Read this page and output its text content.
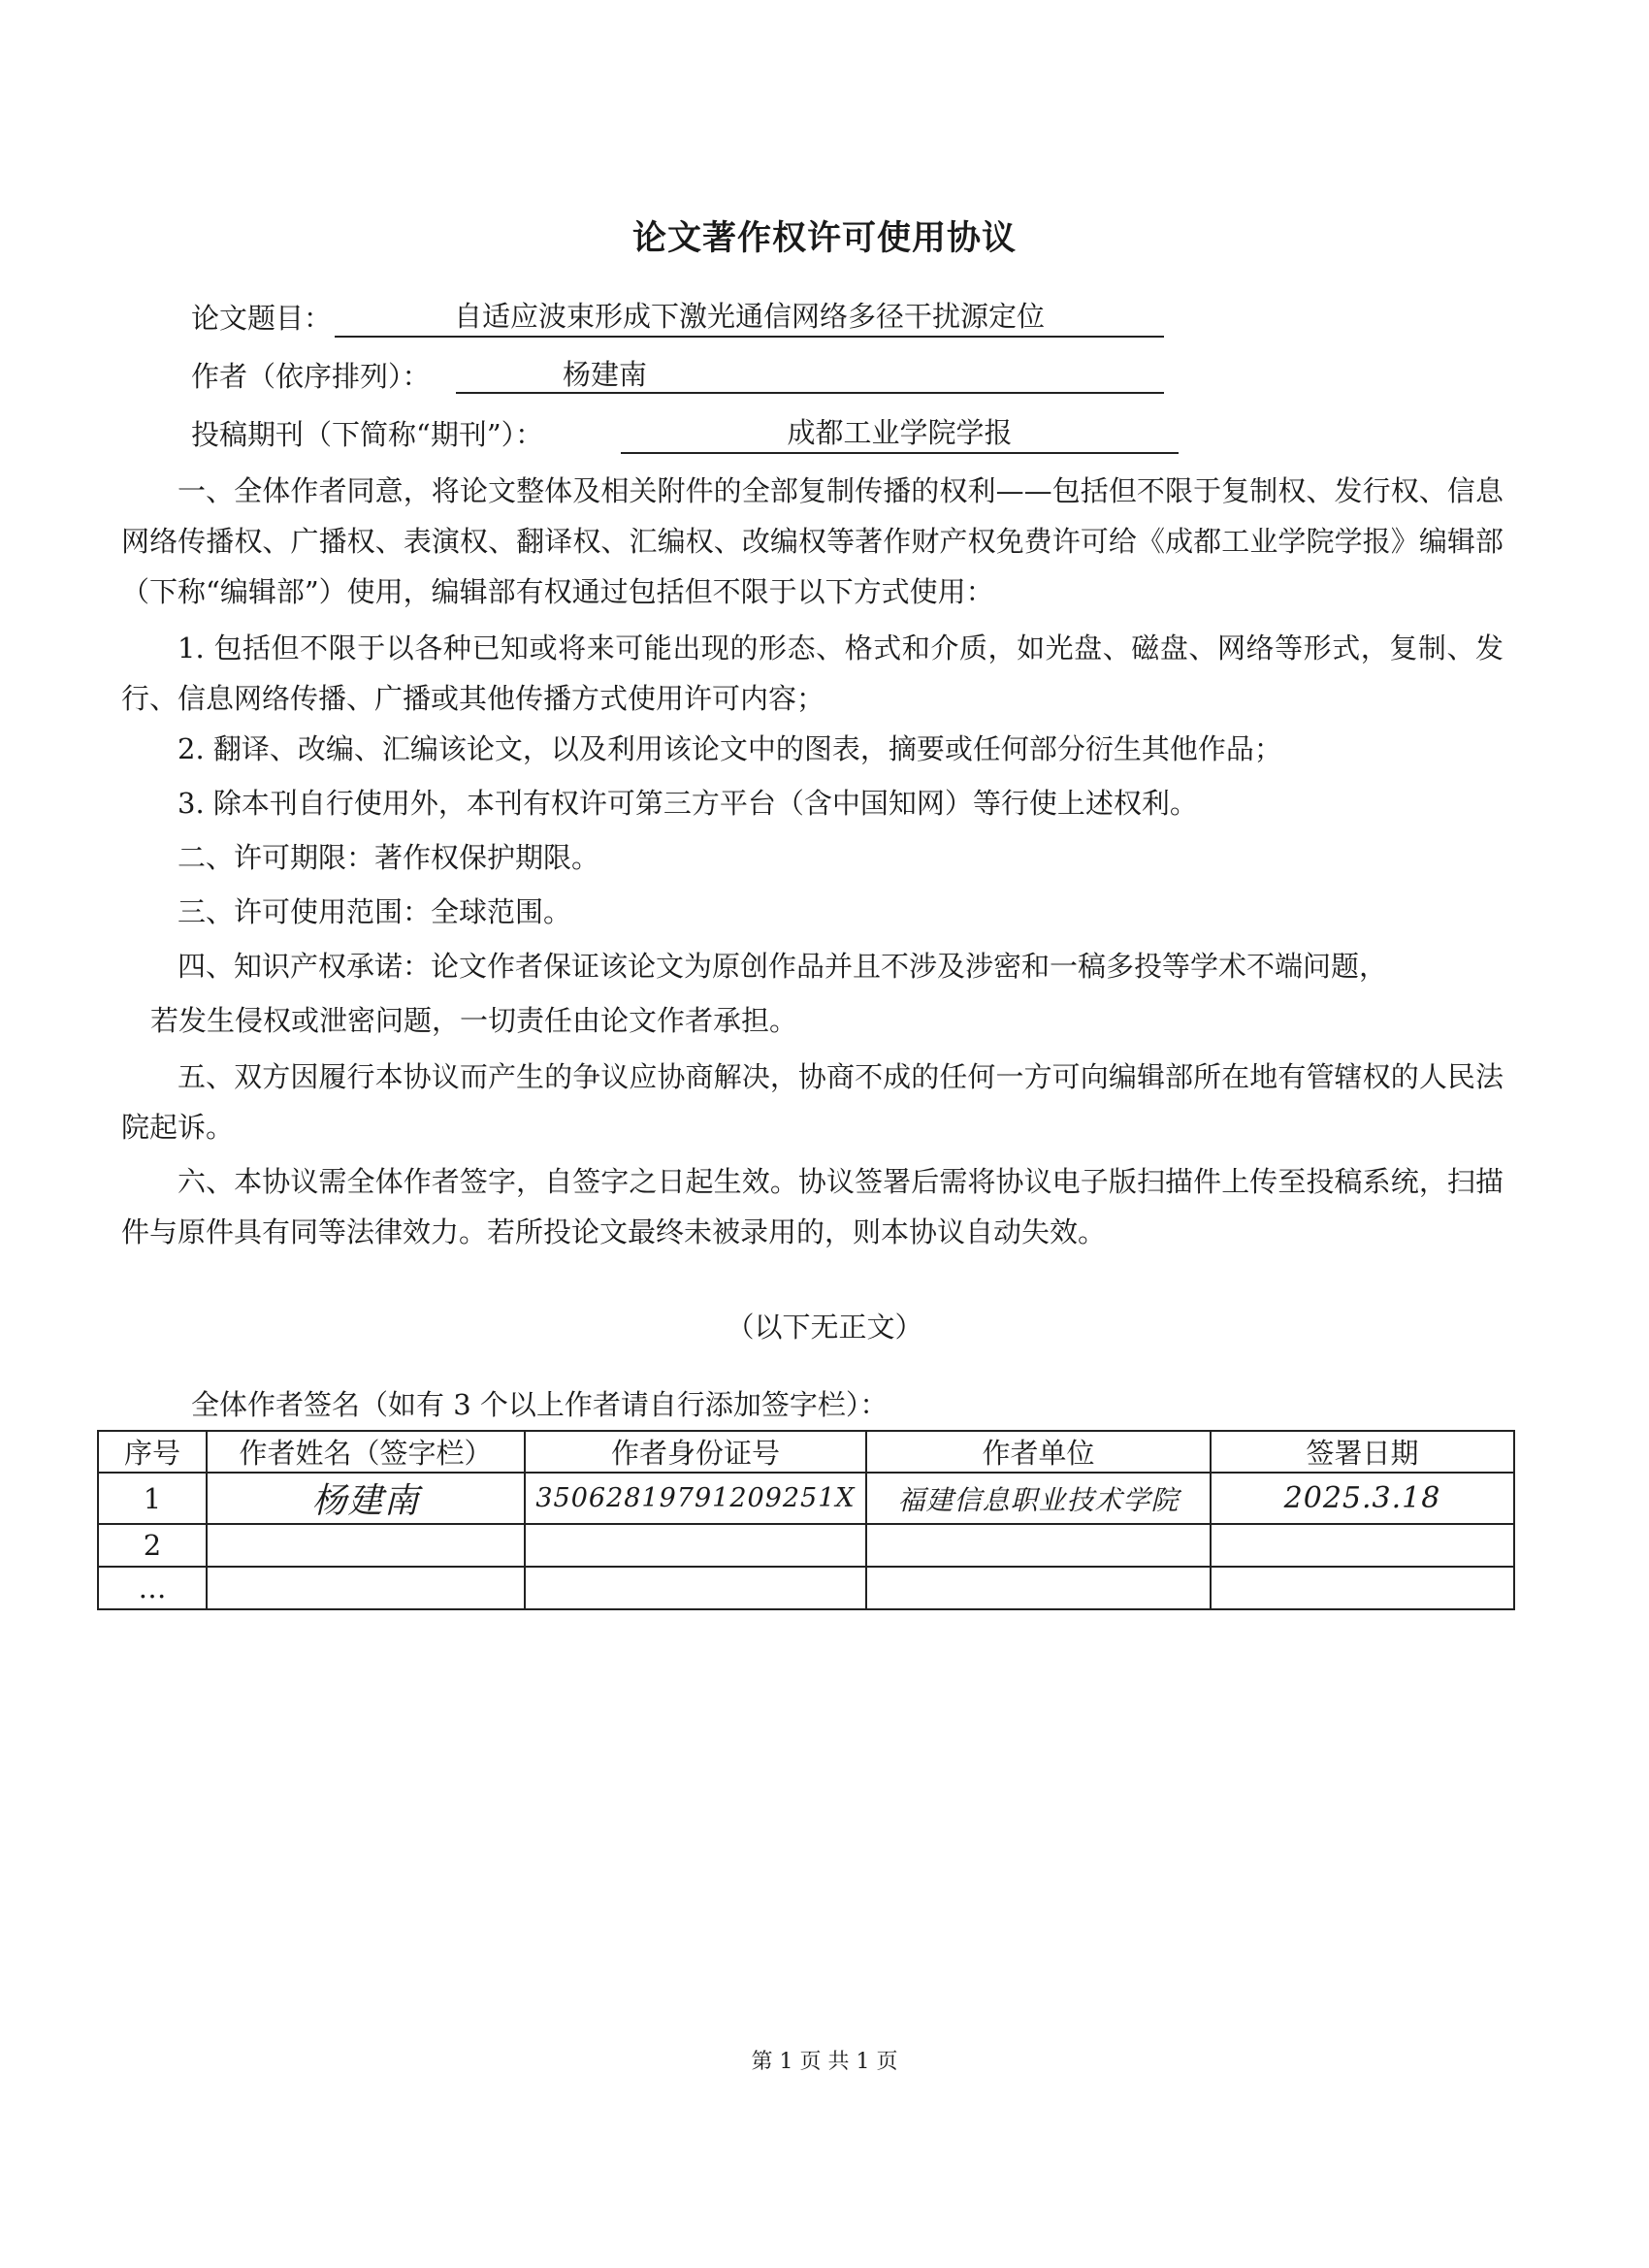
论文著作权许可使用协议
论文题目：	自适应波束形成下激光通信网络多径干扰源定位
作者（依序排列）：	杨建南
投稿期刊（下简称“期刊”）：	成都工业学院学报
一、全体作者同意，将论文整体及相关附件的全部复制传播的权利——包括但不限于复制权、发行权、信息网络传播权、广播权、表演权、翻译权、汇编权、改编权等著作财产权免费许可给《成都工业学院学报》编辑部（下称“编辑部”）使用，编辑部有权通过包括但不限于以下方式使用：
1. 包括但不限于以各种已知或将来可能出现的形态、格式和介质，如光盘、磁盘、网络等形式，复制、发行、信息网络传播、广播或其他传播方式使用许可内容；
2. 翻译、改编、汇编该论文，以及利用该论文中的图表，摘要或任何部分衍生其他作品；
3. 除本刊自行使用外，本刊有权许可第三方平台（含中国知网）等行使上述权利。
二、许可期限：著作权保护期限。
三、许可使用范围：全球范围。
四、知识产权承诺：论文作者保证该论文为原创作品并且不涉及涉密和一稿多投等学术不端问题，
若发生侵权或泄密问题，一切责任由论文作者承担。
五、双方因履行本协议而产生的争议应协商解决，协商不成的任何一方可向编辑部所在地有管辖权的人民法院起诉。
六、本协议需全体作者签字，自签字之日起生效。协议签署后需将协议电子版扫描件上传至投稿系统，扫描件与原件具有同等法律效力。若所投论文最终未被录用的，则本协议自动失效。
（以下无正文）
全体作者签名（如有 3 个以上作者请自行添加签字栏）：
序号	作者姓名（签字栏）	作者身份证号	作者单位	签署日期
1	杨建南	35062819791209251X	福建信息职业技术学院	2025.3.18
2				
…				
第 1 页 共 1 页
